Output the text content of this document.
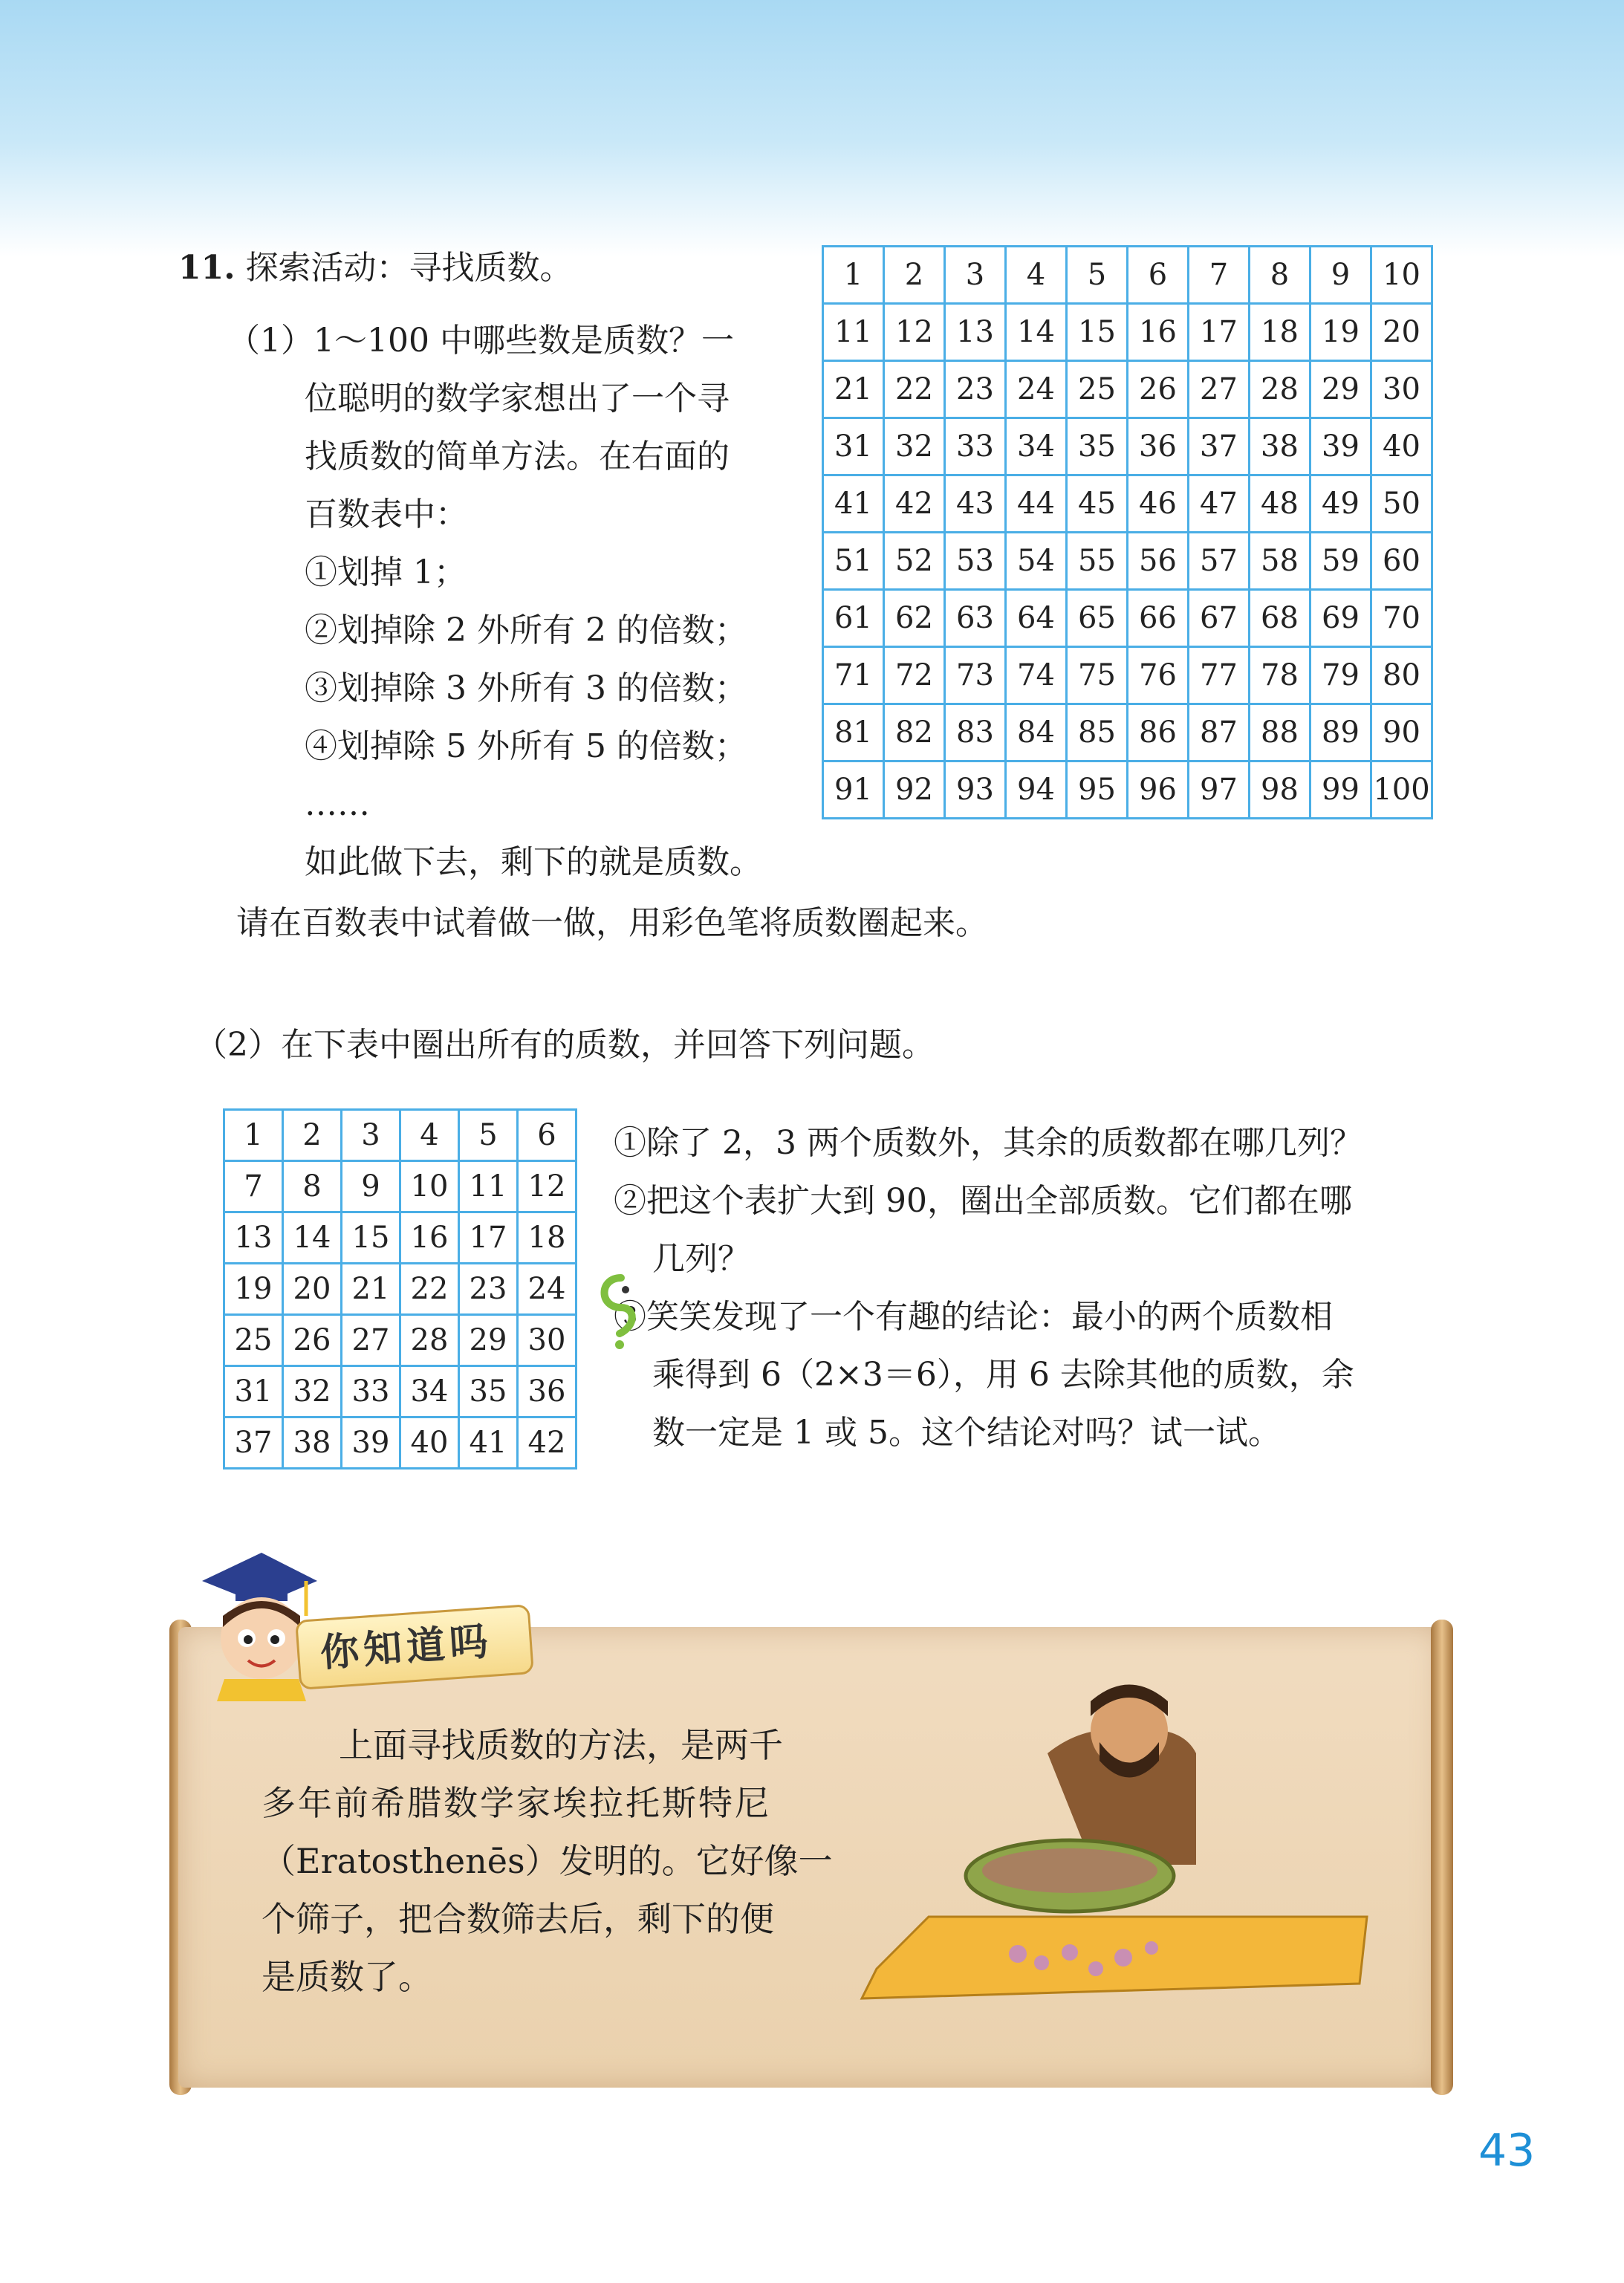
11. 探索活动：寻找质数。
（1）1～100 中哪些数是质数？一
位聪明的数学家想出了一个寻
找质数的简单方法。在右面的
百数表中：
①划掉 1；
②划掉除 2 外所有 2 的倍数；
③划掉除 3 外所有 3 的倍数；
④划掉除 5 外所有 5 的倍数；
……
如此做下去，剩下的就是质数。
请在百数表中试着做一做，用彩色笔将质数圈起来。
1	2	3	4	5	6	7	8	9	10
11	12	13	14	15	16	17	18	19	20
21	22	23	24	25	26	27	28	29	30
31	32	33	34	35	36	37	38	39	40
41	42	43	44	45	46	47	48	49	50
51	52	53	54	55	56	57	58	59	60
61	62	63	64	65	66	67	68	69	70
71	72	73	74	75	76	77	78	79	80
81	82	83	84	85	86	87	88	89	90
91	92	93	94	95	96	97	98	99	100
（2）在下表中圈出所有的质数，并回答下列问题。
1	2	3	4	5	6
7	8	9	10	11	12
13	14	15	16	17	18
19	20	21	22	23	24
25	26	27	28	29	30
31	32	33	34	35	36
37	38	39	40	41	42
①除了 2，3 两个质数外，其余的质数都在哪几列？
②把这个表扩大到 90，圈出全部质数。它们都在哪
几列？
③笑笑发现了一个有趣的结论：最小的两个质数相
乘得到 6（2×3＝6），用 6 去除其他的质数，余
数一定是 1 或 5。这个结论对吗？试一试。
你知道吗
上面寻找质数的方法，是两千
多年前希腊数学家埃拉托斯特尼
（Eratosthenēs）发明的。它好像一
个筛子，把合数筛去后，剩下的便
是质数了。
43
